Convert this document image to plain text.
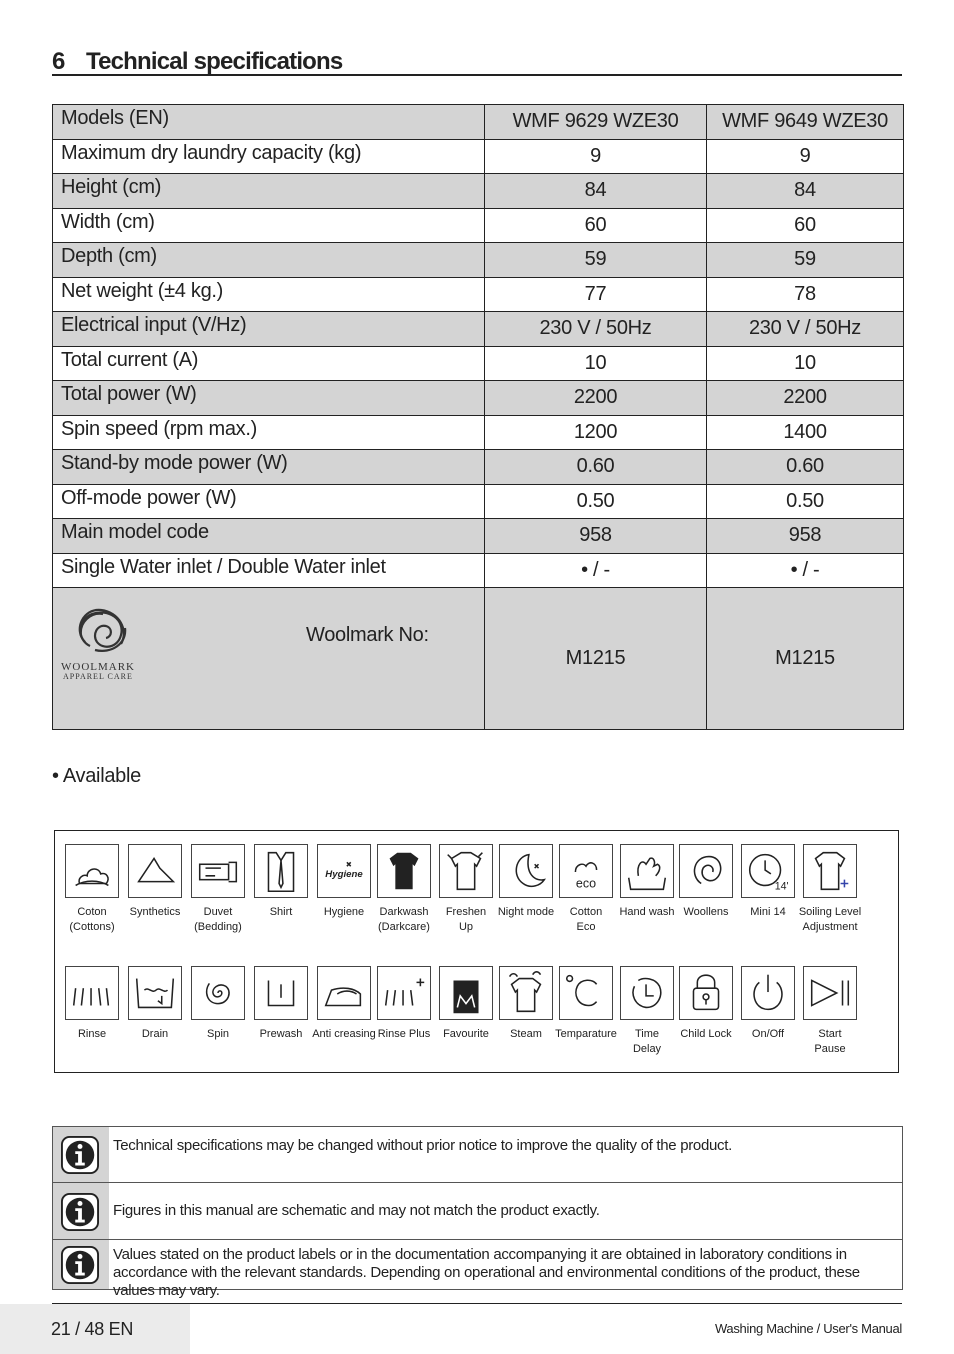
6 Technical specifications
Models (EN)	WMF 9629 WZE30	WMF 9649 WZE30
Maximum dry laundry capacity (kg)	9	9
Height (cm)	84	84
Width (cm)	60	60
Depth (cm)	59	59
Net weight (±4 kg.)	77	78
Electrical input (V/Hz)	230 V / 50Hz	230 V / 50Hz
Total current (A)	10	10
Total power (W)	2200	2200
Spin speed (rpm max.)	1200	1400
Stand-by mode power (W)	0.60	0.60
Off-mode power (W)	0.50	0.50
Main model code	958	958
Single Water inlet / Double Water inlet	• / -	• / -

WOOLMARK
APPAREL CARE
Woolmark No:	M1215	M1215
• Available
Coton
(Cottons)
Synthetics	Duvet
(Bedding)
Shirt
Hygiene
Hygiene	Darkwash
(Darkcare)
Freshen
Up
Night mode
eco
Cotton
Eco
Hand wash Woollens
14'
Mini 14	Soiling Level
Adjustment
Rinse	Drain	Spin	Prewash Anti creasing Rinse Plus	Favourite	Steam	Temparature	Time
Delay
Child Lock	On/Off	Start
Pause
Technical specifications may be changed without prior notice to improve the quality of the product.
Figures in this manual are schematic and may not match the product exactly.
Values stated on the product labels or in the documentation accompanying it are obtained in laboratory conditions in accordance with the relevant standards. Depending on operational and environmental conditions of the product, these values may vary.
21 / 48 EN	Washing Machine / User's Manual
